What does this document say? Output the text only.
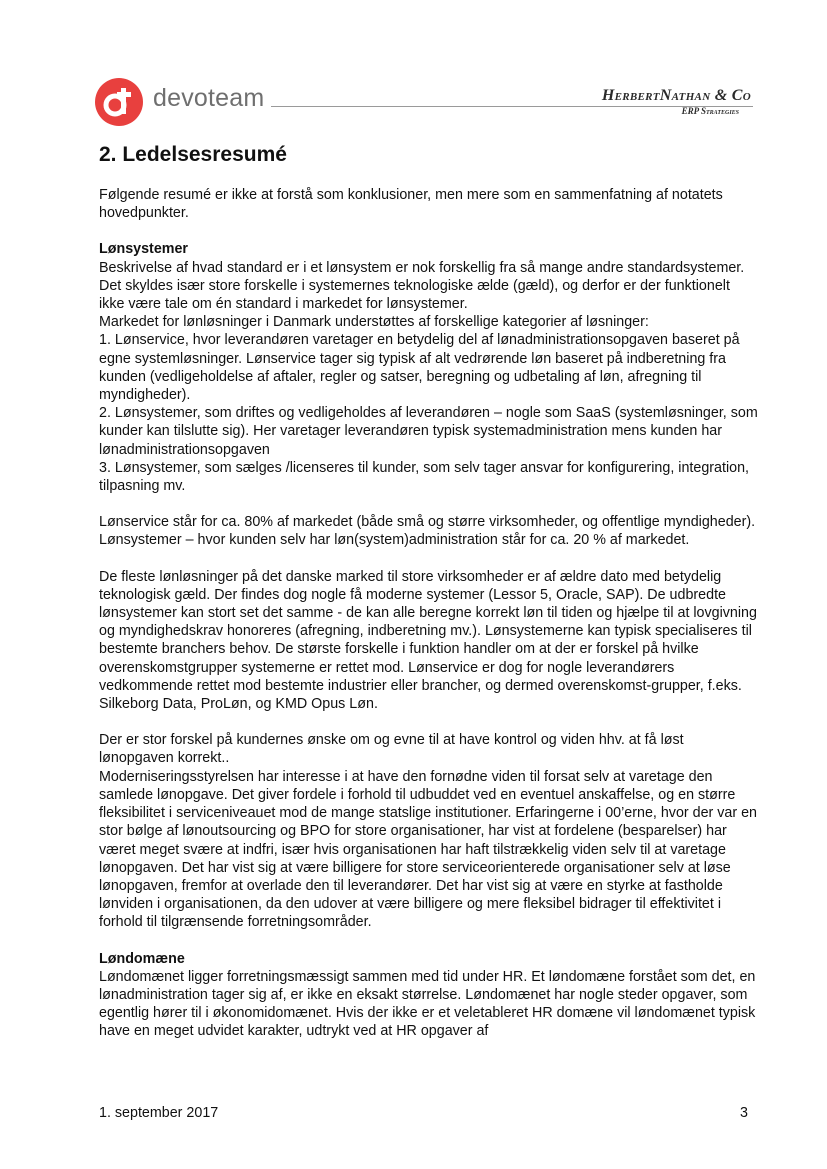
devoteam	HerbertNathan & Co
ERP Strategies
2. Ledelsesresumé

Følgende resumé er ikke at forstå som konklusioner, men mere som en sammenfatning af notatets hovedpunkter.

Lønsystemer

Beskrivelse af hvad standard er i et lønsystem er nok forskellig fra så mange andre standardsystemer. Det skyldes især store forskelle i systemernes teknologiske ælde (gæld), og derfor er der funktionelt ikke være tale om én standard i markedet for lønsystemer.

Markedet for lønløsninger i Danmark understøttes af forskellige kategorier af løsninger:

1. Lønservice, hvor leverandøren varetager en betydelig del af lønadministrationsopgaven baseret på egne systemløsninger. Lønservice tager sig typisk af alt vedrørende løn baseret på indberetning fra kunden (vedligeholdelse af aftaler, regler og satser, beregning og udbetaling af løn, afregning til myndigheder).

2. Lønsystemer, som driftes og vedligeholdes af leverandøren – nogle som SaaS (systemløsninger, som kunder kan tilslutte sig). Her varetager leverandøren typisk systemadministration mens kunden har lønadministrationsopgaven

3. Lønsystemer, som sælges /licenseres til kunder, som selv tager ansvar for konfigurering, integration, tilpasning mv.

Lønservice står for ca. 80% af markedet (både små og større virksomheder, og offentlige myndigheder). Lønsystemer – hvor kunden selv har løn(system)administration står for ca. 20 % af markedet.

De fleste lønløsninger på det danske marked til store virksomheder er af ældre dato med betydelig teknologisk gæld. Der findes dog nogle få moderne systemer (Lessor 5, Oracle, SAP). De udbredte lønsystemer kan stort set det samme - de kan alle beregne korrekt løn til tiden og hjælpe til at lovgivning og myndighedskrav honoreres (afregning, indberetning mv.). Lønsystemerne kan typisk specialiseres til bestemte branchers behov. De største forskelle i funktion handler om at der er forskel på hvilke overenskomstgrupper systemerne er rettet mod. Lønservice er dog for nogle leverandørers vedkommende rettet mod bestemte industrier eller brancher, og dermed overenskomst-grupper, f.eks. Silkeborg Data, ProLøn, og KMD Opus Løn.

Der er stor forskel på kundernes ønske om og evne til at have kontrol og viden hhv. at få løst lønopgaven korrekt..

Moderniseringsstyrelsen har interesse i at have den fornødne viden til forsat selv at varetage den samlede lønopgave. Det giver fordele i forhold til udbuddet ved en eventuel anskaffelse, og en større fleksibilitet i serviceniveauet mod de mange statslige institutioner. Erfaringerne i 00’erne, hvor der var en stor bølge af lønoutsourcing og BPO for store organisationer, har vist at fordelene (besparelser) har været meget svære at indfri, især hvis organisationen har haft tilstrækkelig viden selv til at varetage lønopgaven. Det har vist sig at være billigere for store serviceorienterede organisationer selv at løse lønopgaven, fremfor at overlade den til leverandører. Det har vist sig at være en styrke at fastholde lønviden i organisationen, da den udover at være billigere og mere fleksibel bidrager til effektivitet i forhold til tilgrænsende forretningsområder.

Løndomæne

Løndomænet ligger forretningsmæssigt sammen med tid under HR. Et løndomæne forstået som det, en lønadministration tager sig af, er ikke en eksakt størrelse. Løndomænet har nogle steder opgaver, som egentlig hører til i økonomidomænet. Hvis der ikke er et veletableret HR domæne vil løndomænet typisk have en meget udvidet karakter, udtrykt ved at HR opgaver af

1. september 2017	3
